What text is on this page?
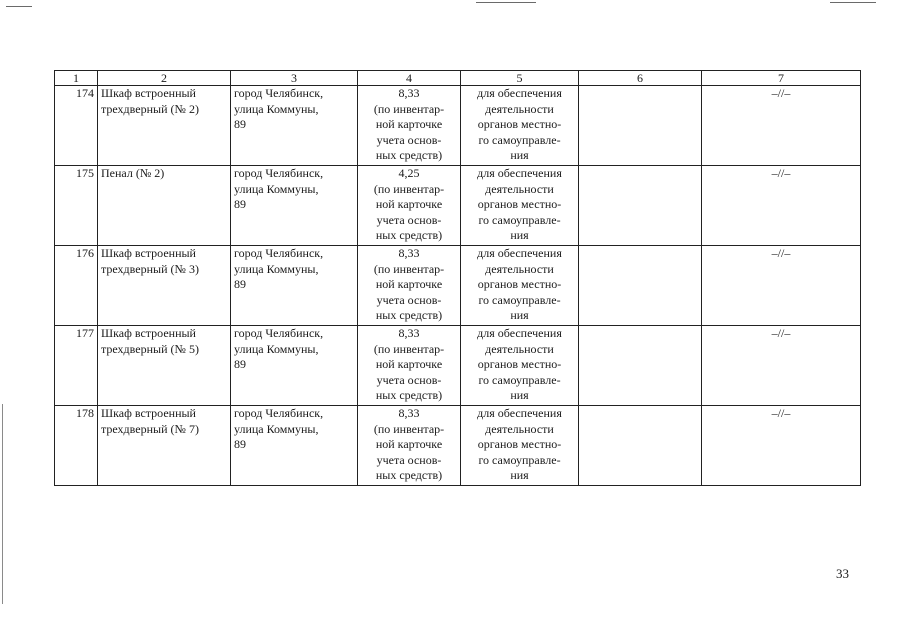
1	2	3	4	5	6	7
174	Шкаф встроенный
трехдверный (№ 2)	город Челябинск,
улица Коммуны,
89	8,33
(по инвентар-
ной карточке
учета основ-
ных средств)	для обеспечения
деятельности
органов местно-
го самоуправле-
ния		–//–
175	Пенал (№ 2)	город Челябинск,
улица Коммуны,
89	4,25
(по инвентар-
ной карточке
учета основ-
ных средств)	для обеспечения
деятельности
органов местно-
го самоуправле-
ния		–//–
176	Шкаф встроенный
трехдверный (№ 3)	город Челябинск,
улица Коммуны,
89	8,33
(по инвентар-
ной карточке
учета основ-
ных средств)	для обеспечения
деятельности
органов местно-
го самоуправле-
ния		–//–
177	Шкаф встроенный
трехдверный (№ 5)	город Челябинск,
улица Коммуны,
89	8,33
(по инвентар-
ной карточке
учета основ-
ных средств)	для обеспечения
деятельности
органов местно-
го самоуправле-
ния		–//–
178	Шкаф встроенный
трехдверный (№ 7)	город Челябинск,
улица Коммуны,
89	8,33
(по инвентар-
ной карточке
учета основ-
ных средств)	для обеспечения
деятельности
органов местно-
го самоуправле-
ния		–//–
33
